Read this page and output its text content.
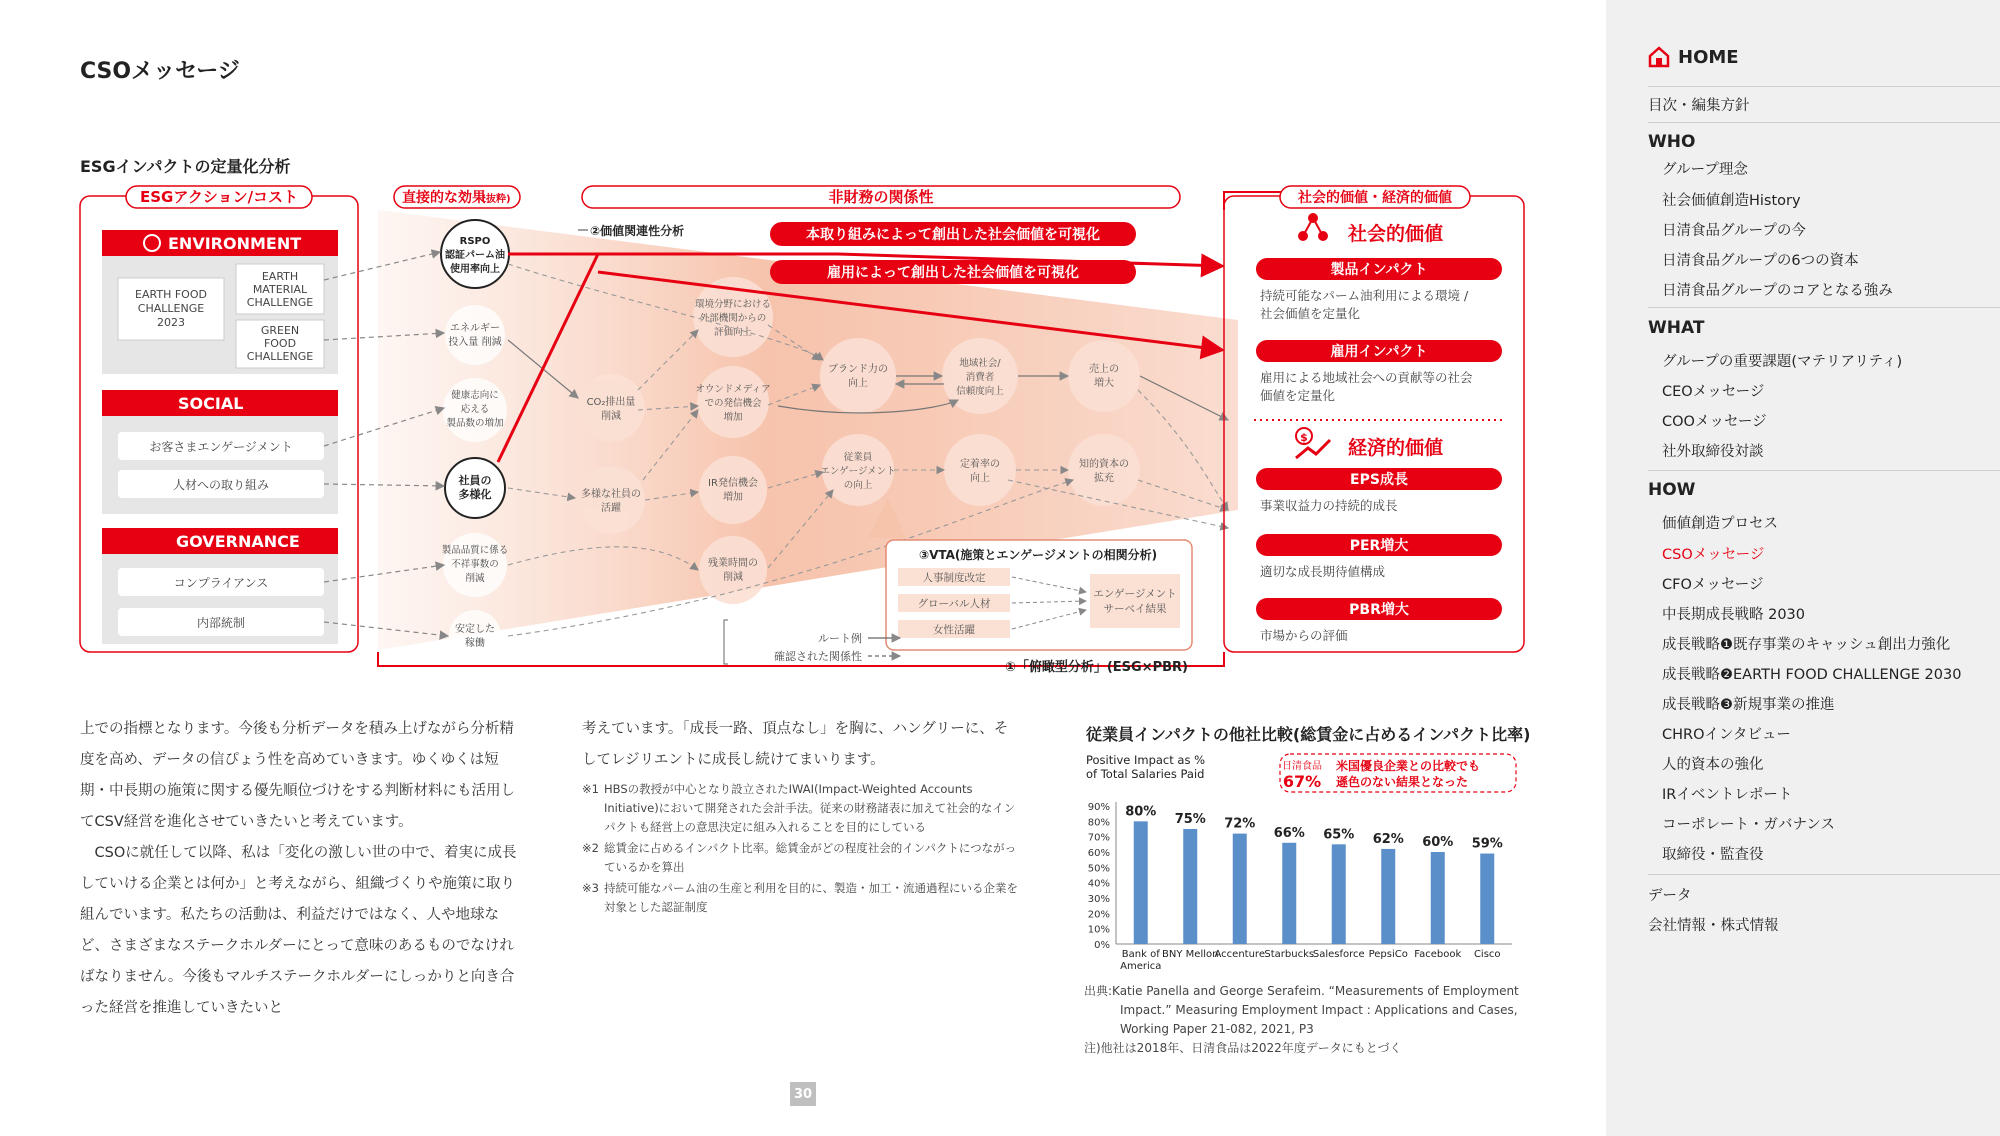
CSOメッセージ
ESGインパクトの定量化分析
ESGアクション/コスト
ENVIRONMENT
EARTH FOOD CHALLENGE 2023
EARTH MATERIAL CHALLENGE
GREEN FOOD CHALLENGE
SOCIAL
お客さまエンゲージメント
人材への取り組み
GOVERNANCE
コンプライアンス
内部統制
直接的な効果
(抜粋)	非財務の関係性
RSPO 認証パーム油使用率向上
エネルギー投入量 削減
健康志向に応える製品数の増加
社員の多様化
製品品質に係る不祥事数の削減
安定した稼働
CO₂排出量削減
多様な社員の活躍
環境分野における外部機関からの評価向上
オウンドメディアでの発信機会増加
IR発信機会増加
残業時間の削減
ブランド力の向上
従業員エンゲージメントの向上
地域社会/消費者信頼度向上
定着率の向上
売上の増大
知的資本の拡充
②価値関連性分析	本取り組みによって創出した社会価値を可視化
雇用によって創出した社会価値を可視化
③VTA(施策とエンゲージメントの相関分析)
人事制度改定
グローバル人材
女性活躍
エンゲージメントサーベイ結果
ルート例
確認された関係性
①「俯瞰型分析」(ESG×PBR)
社会的価値・経済的価値
社会的価値
製品インパクト
持続可能なパーム油利用による環境 /社会価値を定量化
雇用インパクト
雇用による地域社会への貢献等の社会価値を定量化
$ 経済的価値
EPS成長
事業収益力の持続的成長
PER増大
適切な成長期待値構成
PBR増大
市場からの評価

上での指標となります。今後も分析データを積み上げながら分析精度を高め、データの信ぴょう性を高めていきます。ゆくゆくは短期・中長期の施策に関する優先順位づけをする判断材料にも活用してCSV経営を進化させていきたいと考えています。

CSOに就任して以降、私は「変化の激しい世の中で、着実に成長していける企業とは何か」と考えながら、組織づくりや施策に取り組んでいます。私たちの活動は、利益だけではなく、人や地球など、さまざまなステークホルダーにとって意味のあるものでなければなりません。今後もマルチステークホルダーにしっかりと向き合った経営を推進していきたいと

考えています。「成長一路、頂点なし」を胸に、ハングリーに、そしてレジリエントに成長し続けてまいります。

※1 HBSの教授が中心となり設立されたIWAI(Impact-Weighted Accounts Initiative)において開発された会計手法。従来の財務諸表に加えて社会的なインパクトも経営上の意思決定に組み入れることを目的にしている
※2 総賃金に占めるインパクト比率。総賃金がどの程度社会的インパクトにつながっているかを算出
※3 持続可能なパーム油の生産と利用を目的に、製造・加工・流通過程にいる企業を対象とした認証制度
従業員インパクトの他社比較(総賃金に占めるインパクト比率)
Positive Impact as %
of Total Salaries Paid
日清食品
67%
米国優良企業との比較でも遜色のない結果となった
0%
10%
20%
30%
40%
50%
60%
70%
80%
90% 80%
Bank of America
75%
BNY Mellon
72%
Accenture
66%
Starbucks
65%
Salesforce
62%
PepsiCo
60%
Facebook
59%
Cisco
出典:Katie Panella and George Serafeim. “Measurements of Employment
Impact.” Measuring Employment Impact : Applications and Cases,
Working Paper 21-082, 2021, P3
注)他社は2018年、日清食品は2022年度データにもとづく
30
HOME
目次・編集方針
WHO
グループ理念
社会価値創造History
日清食品グループの今
日清食品グループの6つの資本
日清食品グループのコアとなる強み
WHAT
グループの重要課題(マテリアリティ)
CEOメッセージ
COOメッセージ
社外取締役対談
HOW
価値創造プロセス
CSOメッセージ
CFOメッセージ
中長期成長戦略 2030
成長戦略❶既存事業のキャッシュ創出力強化
成長戦略❷EARTH FOOD CHALLENGE 2030
成長戦略❸新規事業の推進
CHROインタビュー
人的資本の強化
IRイベントレポート
コーポレート・ガバナンス
取締役・監査役
データ
会社情報・株式情報
